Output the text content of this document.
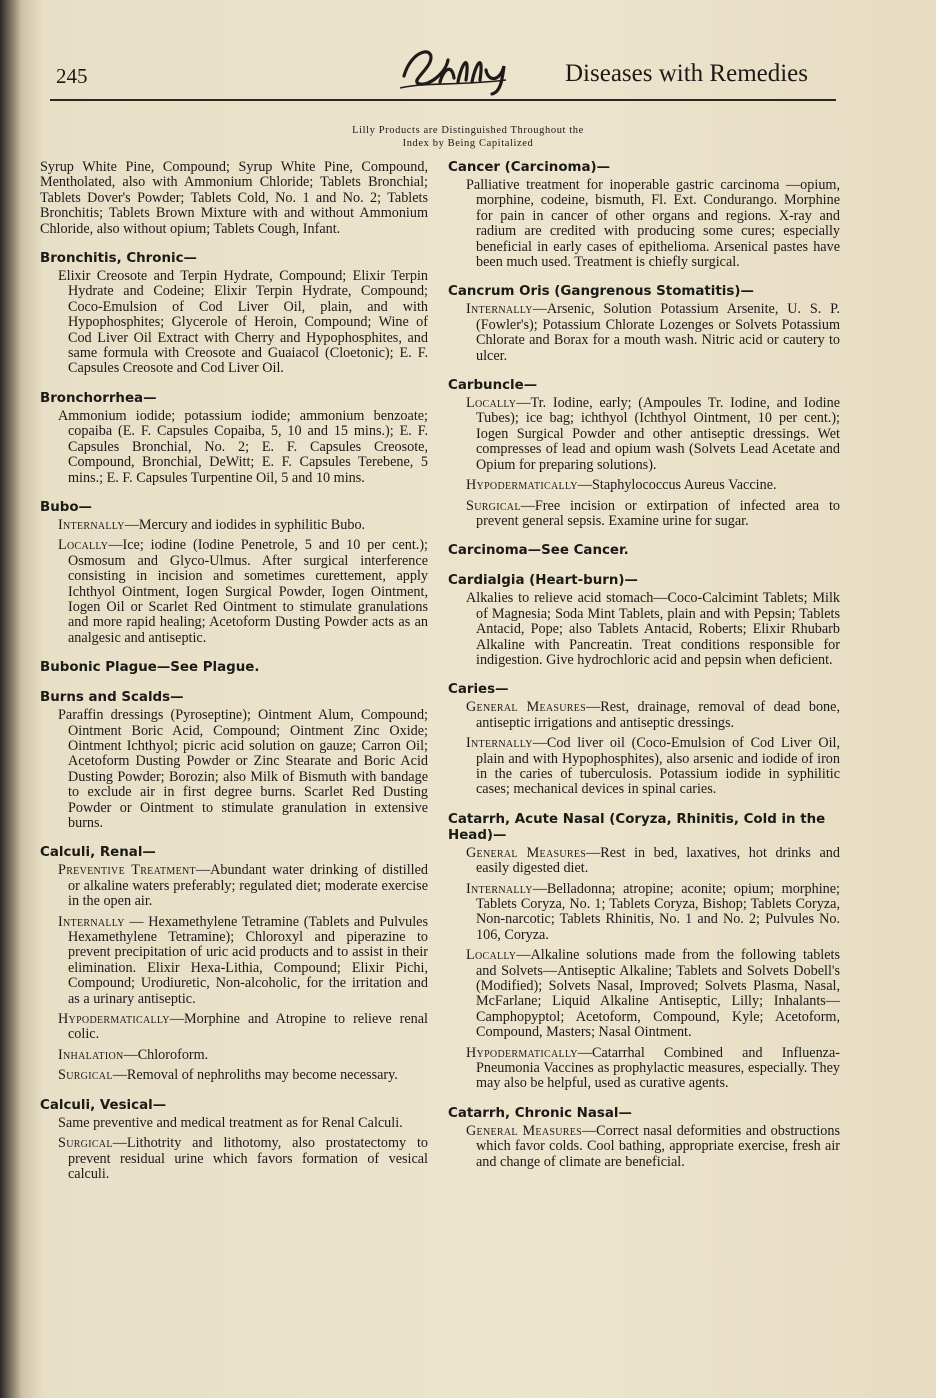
245	Diseases with Remedies
Lilly Products are Distinguished Throughout the
Index by Being Capitalized
Syrup White Pine, Compound; Syrup White Pine, Compound, Mentholated, also with Ammonium Chloride; Tablets Bronchial; Tablets Dover's Powder; Tablets Cold, No. 1 and No. 2; Tablets Bronchitis; Tablets Brown Mixture with and without Ammonium Chloride, also without opium; Tablets Cough, Infant.
Bronchitis, Chronic—
Elixir Creosote and Terpin Hydrate, Compound; Elixir Terpin Hydrate and Codeine; Elixir Terpin Hydrate, Compound; Coco-Emulsion of Cod Liver Oil, plain, and with Hypophosphites; Glycerole of Heroin, Compound; Wine of Cod Liver Oil Extract with Cherry and Hypophosphites, and same formula with Creosote and Guaiacol (Cloetonic); E. F. Capsules Creosote and Cod Liver Oil.
Bronchorrhea—
Ammonium iodide; potassium iodide; ammonium benzoate; copaiba (E. F. Capsules Copaiba, 5, 10 and 15 mins.); E. F. Capsules Bronchial, No. 2; E. F. Capsules Creosote, Compound, Bronchial, DeWitt; E. F. Capsules Terebene, 5 mins.; E. F. Capsules Turpentine Oil, 5 and 10 mins.
Bubo—
Internally—Mercury and iodides in syphilitic Bubo.
Locally—Ice; iodine (Iodine Penetrole, 5 and 10 per cent.); Osmosum and Glyco-Ulmus. After surgical interference consisting in incision and sometimes curettement, apply Ichthyol Ointment, Iogen Surgical Powder, Iogen Ointment, Iogen Oil or Scarlet Red Ointment to stimulate granulations and more rapid healing; Acetoform Dusting Powder acts as an analgesic and antiseptic.
Bubonic Plague—See Plague.
Burns and Scalds—
Paraffin dressings (Pyroseptine); Ointment Alum, Compound; Ointment Boric Acid, Compound; Ointment Zinc Oxide; Ointment Ichthyol; picric acid solution on gauze; Carron Oil; Acetoform Dusting Powder or Zinc Stearate and Boric Acid Dusting Powder; Borozin; also Milk of Bismuth with bandage to exclude air in first degree burns. Scarlet Red Dusting Powder or Ointment to stimulate granulation in extensive burns.
Calculi, Renal—
Preventive Treatment—Abundant water drinking of distilled or alkaline waters preferably; regulated diet; moderate exercise in the open air.
Internally — Hexamethylene Tetramine (Tablets and Pulvules Hexamethylene Tetramine); Chloroxyl and piperazine to prevent precipitation of uric acid products and to assist in their elimination. Elixir Hexa-Lithia, Compound; Elixir Pichi, Compound; Urodiuretic, Non-alcoholic, for the irritation and as a urinary antiseptic.
Hypodermatically—Morphine and Atropine to relieve renal colic.
Inhalation—Chloroform.
Surgical—Removal of nephroliths may become necessary.
Calculi, Vesical—
Same preventive and medical treatment as for Renal Calculi.
Surgical—Lithotrity and lithotomy, also prostatectomy to prevent residual urine which favors formation of vesical calculi.
Cancer (Carcinoma)—
Palliative treatment for inoperable gastric carcinoma —opium, morphine, codeine, bismuth, Fl. Ext. Condurango. Morphine for pain in cancer of other organs and regions. X-ray and radium are credited with producing some cures; especially beneficial in early cases of epithelioma. Arsenical pastes have been much used. Treatment is chiefly surgical.
Cancrum Oris (Gangrenous Stomatitis)—
Internally—Arsenic, Solution Potassium Arsenite, U. S. P. (Fowler's); Potassium Chlorate Lozenges or Solvets Potassium Chlorate and Borax for a mouth wash. Nitric acid or cautery to ulcer.
Carbuncle—
Locally—Tr. Iodine, early; (Ampoules Tr. Iodine, and Iodine Tubes); ice bag; ichthyol (Ichthyol Ointment, 10 per cent.); Iogen Surgical Powder and other antiseptic dressings. Wet compresses of lead and opium wash (Solvets Lead Acetate and Opium for preparing solutions).
Hypodermatically—Staphylococcus Aureus Vaccine.
Surgical—Free incision or extirpation of infected area to prevent general sepsis. Examine urine for sugar.
Carcinoma—See Cancer.
Cardialgia (Heart-burn)—
Alkalies to relieve acid stomach—Coco-Calcimint Tablets; Milk of Magnesia; Soda Mint Tablets, plain and with Pepsin; Tablets Antacid, Pope; also Tablets Antacid, Roberts; Elixir Rhubarb Alkaline with Pancreatin. Treat conditions responsible for indigestion. Give hydrochloric acid and pepsin when deficient.
Caries—
General Measures—Rest, drainage, removal of dead bone, antiseptic irrigations and antiseptic dressings.
Internally—Cod liver oil (Coco-Emulsion of Cod Liver Oil, plain and with Hypophosphites), also arsenic and iodide of iron in the caries of tuberculosis. Potassium iodide in syphilitic cases; mechanical devices in spinal caries.
Catarrh, Acute Nasal (Coryza, Rhinitis, Cold in the Head)—
General Measures—Rest in bed, laxatives, hot drinks and easily digested diet.
Internally—Belladonna; atropine; aconite; opium; morphine; Tablets Coryza, No. 1; Tablets Coryza, Bishop; Tablets Coryza, Non-narcotic; Tablets Rhinitis, No. 1 and No. 2; Pulvules No. 106, Coryza.
Locally—Alkaline solutions made from the following tablets and Solvets—Antiseptic Alkaline; Tablets and Solvets Dobell's (Modified); Solvets Nasal, Improved; Solvets Plasma, Nasal, McFarlane; Liquid Alkaline Antiseptic, Lilly; Inhalants—Camphopyptol; Acetoform, Compound, Kyle; Acetoform, Compound, Masters; Nasal Ointment.
Hypodermatically—Catarrhal Combined and Influenza-Pneumonia Vaccines as prophylactic measures, especially. They may also be helpful, used as curative agents.
Catarrh, Chronic Nasal—
General Measures—Correct nasal deformities and obstructions which favor colds. Cool bathing, appropriate exercise, fresh air and change of climate are beneficial.
